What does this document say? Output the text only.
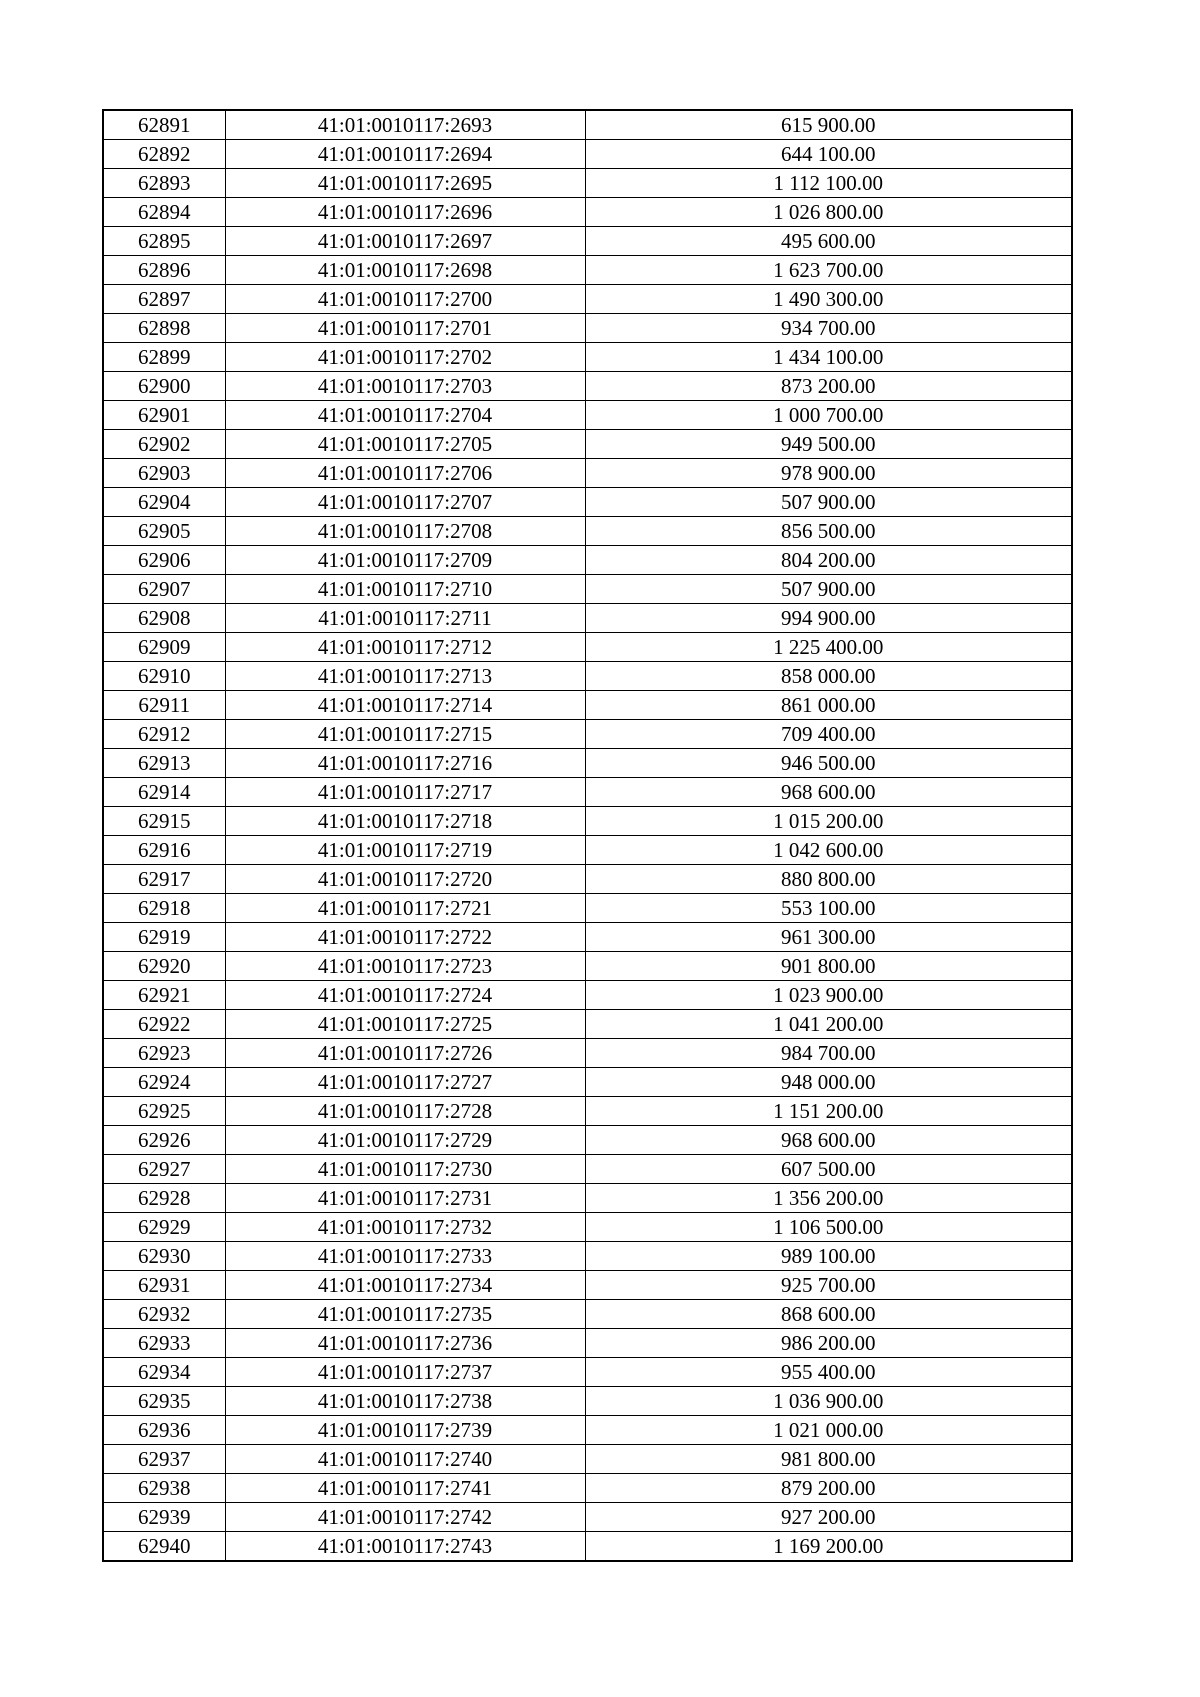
62891	41:01:0010117:2693	615 900.00
62892	41:01:0010117:2694	644 100.00
62893	41:01:0010117:2695	1 112 100.00
62894	41:01:0010117:2696	1 026 800.00
62895	41:01:0010117:2697	495 600.00
62896	41:01:0010117:2698	1 623 700.00
62897	41:01:0010117:2700	1 490 300.00
62898	41:01:0010117:2701	934 700.00
62899	41:01:0010117:2702	1 434 100.00
62900	41:01:0010117:2703	873 200.00
62901	41:01:0010117:2704	1 000 700.00
62902	41:01:0010117:2705	949 500.00
62903	41:01:0010117:2706	978 900.00
62904	41:01:0010117:2707	507 900.00
62905	41:01:0010117:2708	856 500.00
62906	41:01:0010117:2709	804 200.00
62907	41:01:0010117:2710	507 900.00
62908	41:01:0010117:2711	994 900.00
62909	41:01:0010117:2712	1 225 400.00
62910	41:01:0010117:2713	858 000.00
62911	41:01:0010117:2714	861 000.00
62912	41:01:0010117:2715	709 400.00
62913	41:01:0010117:2716	946 500.00
62914	41:01:0010117:2717	968 600.00
62915	41:01:0010117:2718	1 015 200.00
62916	41:01:0010117:2719	1 042 600.00
62917	41:01:0010117:2720	880 800.00
62918	41:01:0010117:2721	553 100.00
62919	41:01:0010117:2722	961 300.00
62920	41:01:0010117:2723	901 800.00
62921	41:01:0010117:2724	1 023 900.00
62922	41:01:0010117:2725	1 041 200.00
62923	41:01:0010117:2726	984 700.00
62924	41:01:0010117:2727	948 000.00
62925	41:01:0010117:2728	1 151 200.00
62926	41:01:0010117:2729	968 600.00
62927	41:01:0010117:2730	607 500.00
62928	41:01:0010117:2731	1 356 200.00
62929	41:01:0010117:2732	1 106 500.00
62930	41:01:0010117:2733	989 100.00
62931	41:01:0010117:2734	925 700.00
62932	41:01:0010117:2735	868 600.00
62933	41:01:0010117:2736	986 200.00
62934	41:01:0010117:2737	955 400.00
62935	41:01:0010117:2738	1 036 900.00
62936	41:01:0010117:2739	1 021 000.00
62937	41:01:0010117:2740	981 800.00
62938	41:01:0010117:2741	879 200.00
62939	41:01:0010117:2742	927 200.00
62940	41:01:0010117:2743	1 169 200.00
